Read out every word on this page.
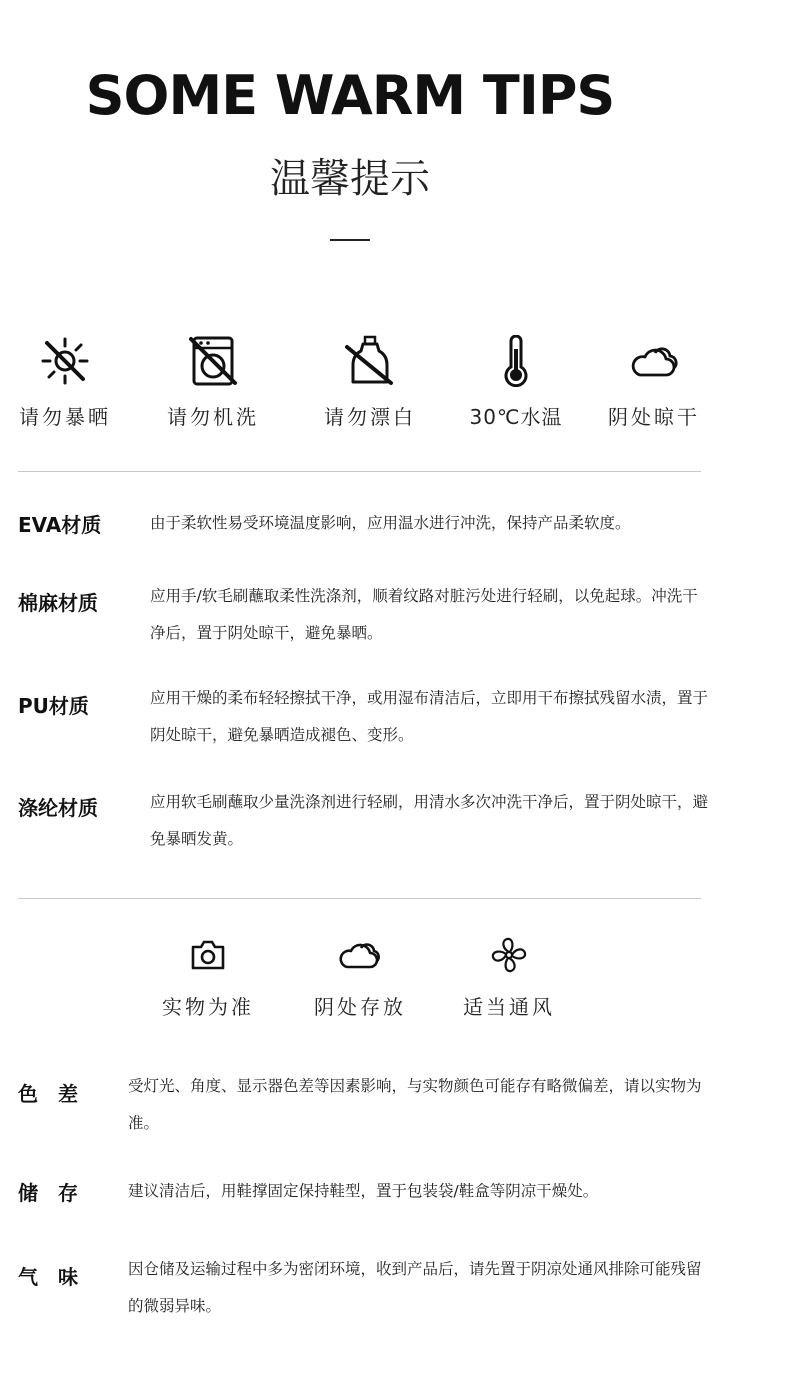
SOME WARM TIPS
温馨提示
请勿暴晒	请勿机洗	请勿漂白	30℃水温	阴处晾干
EVA材质	由于柔软性易受环境温度影响，应用温水进行冲洗，保持产品柔软度。
棉麻材质	应用手/软毛刷蘸取柔性洗涤剂，顺着纹路对脏污处进行轻刷，以免起球。冲洗干净后，置于阴处晾干，避免暴晒。
PU材质	应用干燥的柔布轻轻擦拭干净，或用湿布清洁后，立即用干布擦拭残留水渍，置于阴处晾干，避免暴晒造成褪色、变形。
涤纶材质	应用软毛刷蘸取少量洗涤剂进行轻刷，用清水多次冲洗干净后，置于阴处晾干，避免暴晒发黄。
实物为准	阴处存放	适当通风
色　差	受灯光、角度、显示器色差等因素影响，与实物颜色可能存有略微偏差，请以实物为准。
储　存	建议清洁后，用鞋撑固定保持鞋型，置于包装袋/鞋盒等阴凉干燥处。
气　味	因仓储及运输过程中多为密闭环境，收到产品后，请先置于阴凉处通风排除可能残留的微弱异味。
